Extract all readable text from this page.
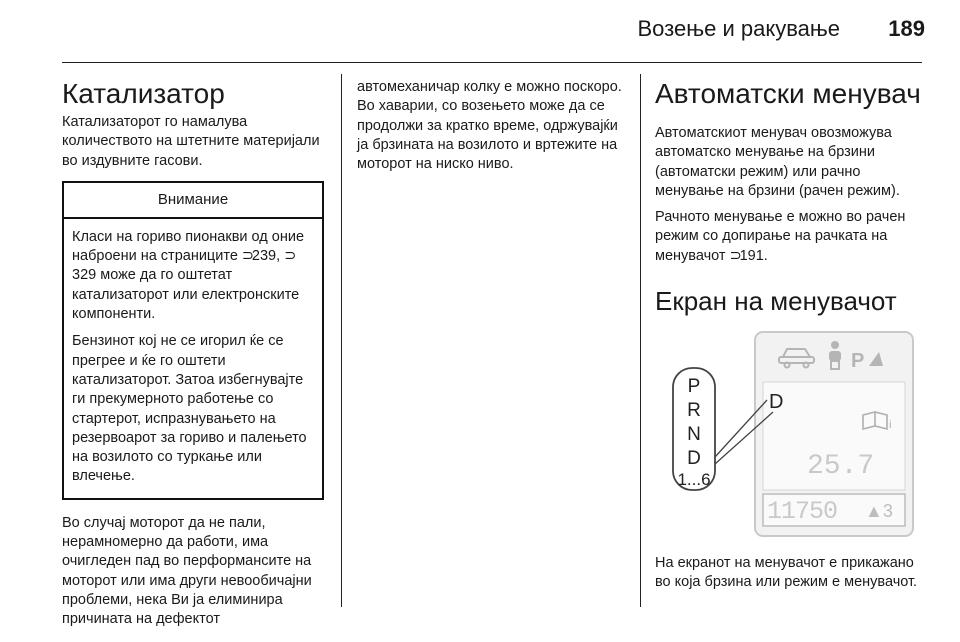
Возење и ракување	189
Катализатор

Катализаторот го намалува количеството на штетните материјали во издувните гасови.

Внимание

Класи на гориво пионакви од оние наброени на страниците ⊃239, ⊃329 може да го оштетат катализаторот или електронските компоненти.

Бензинот кој не се игорил ќе се прегрее и ќе го оштети катализаторот. Затоа избегнувајте ги прекумерното работење со стартерот, испразнувањето на резервоарот за гориво и палењето на возилото со туркање или влечење.

Во случај моторот да не пали, нерамномерно да работи, има очигледен пад во перформансите на моторот или има други невообичајни проблеми, нека Ви ја елиминира причината на дефектот

автомеханичар колку е можно поскоро. Во хаварии, со возењето може да се продолжи за кратко време, одржувајќи ја брзината на возилото и вртежите на моторот на ниско ниво.

Автоматски менувач

Автоматскиот менувач овозможува автоматско менување на брзини (автоматски режим) или рачно менување на брзини (рачен режим).

Рачното менување е можно во рачен режим со допирање на рачката на менувачот ⊃191.

Екран на менувачот
P
i
25.7
11750 ▲3
P
R
N
D
1...6
D

На екранот на менувачот е прикажано во која брзина или режим е менувачот.
